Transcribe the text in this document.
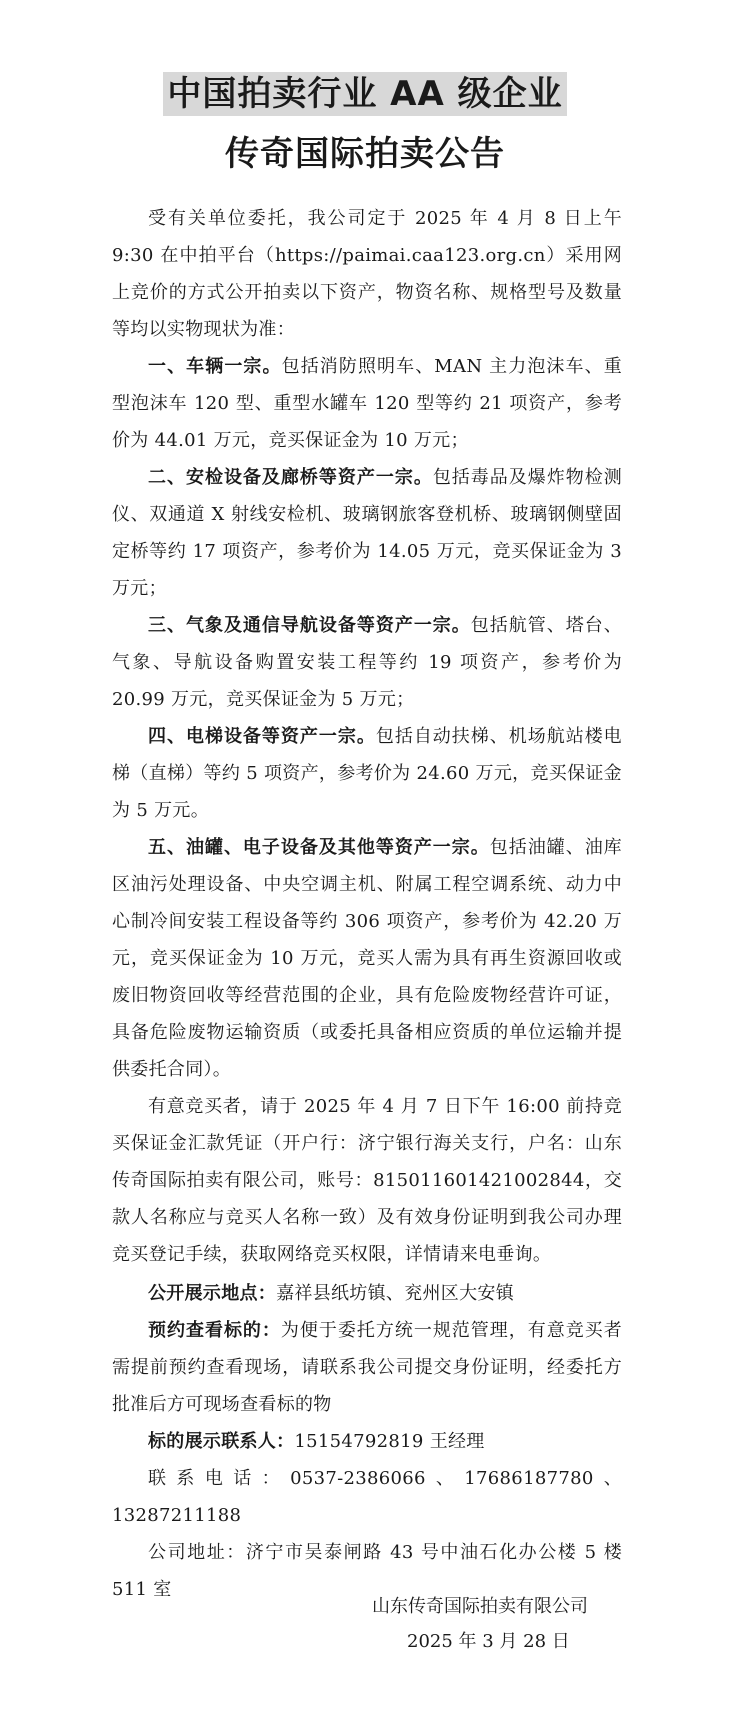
中国拍卖行业 AA 级企业
传奇国际拍卖公告

受有关单位委托，我公司定于 2025 年 4 月 8 日上午 9:30 在中拍平台（https://paimai.caa123.org.cn）采用网上竞价的方式公开拍卖以下资产，物资名称、规格型号及数量等均以实物现状为准：

一、车辆一宗。包括消防照明车、MAN 主力泡沫车、重型泡沫车 120 型、重型水罐车 120 型等约 21 项资产，参考价为 44.01 万元，竞买保证金为 10 万元；

二、安检设备及廊桥等资产一宗。包括毒品及爆炸物检测仪、双通道 X 射线安检机、玻璃钢旅客登机桥、玻璃钢侧壁固定桥等约 17 项资产，参考价为 14.05 万元，竞买保证金为 3 万元；

三、气象及通信导航设备等资产一宗。包括航管、塔台、气象、导航设备购置安装工程等约 19 项资产，参考价为 20.99 万元，竞买保证金为 5 万元；

四、电梯设备等资产一宗。包括自动扶梯、机场航站楼电梯（直梯）等约 5 项资产，参考价为 24.60 万元，竞买保证金为 5 万元。

五、油罐、电子设备及其他等资产一宗。包括油罐、油库区油污处理设备、中央空调主机、附属工程空调系统、动力中心制冷间安装工程设备等约 306 项资产，参考价为 42.20 万元，竞买保证金为 10 万元，竞买人需为具有再生资源回收或废旧物资回收等经营范围的企业，具有危险废物经营许可证，具备危险废物运输资质（或委托具备相应资质的单位运输并提供委托合同）。

有意竞买者，请于 2025 年 4 月 7 日下午 16:00 前持竞买保证金汇款凭证（开户行：济宁银行海关支行，户名：山东传奇国际拍卖有限公司，账号：815011601421002844，交款人名称应与竞买人名称一致）及有效身份证明到我公司办理竞买登记手续，获取网络竞买权限，详情请来电垂询。

公开展示地点：嘉祥县纸坊镇、兖州区大安镇

预约查看标的：为便于委托方统一规范管理，有意竞买者需提前预约查看现场，请联系我公司提交身份证明，经委托方批准后方可现场查看标的物

标的展示联系人：15154792819 王经理

联系电话：0537-2386066、17686187780、13287211188

公司地址：济宁市吴泰闸路 43 号中油石化办公楼 5 楼 511 室

山东传奇国际拍卖有限公司
2025 年 3 月 28 日
